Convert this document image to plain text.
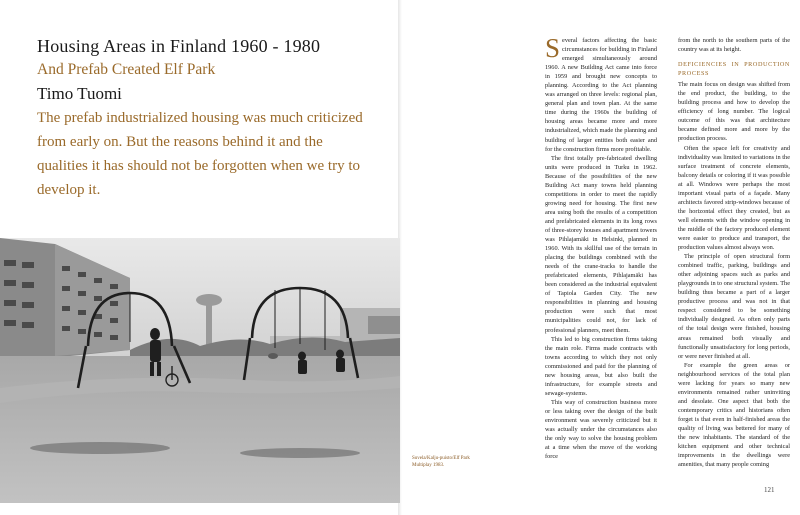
Housing Areas in Finland 1960 - 1980
And Prefab Created Elf Park
Timo Tuomi

The prefab industrialized housing was much criticized from early on. But the reasons behind it and the qualities it has should not be forgotten when we try to develop it.

Suvela/Kalju-puisto/Elf Park Multiplay 1983.

Several factors affecting the basic circumstances for building in Finland emerged simultaneously around 1960. A new Building Act came into force in 1959 and brought new concepts to planning. According to the Act planning was arranged on three levels: regional plan, general plan and town plan. At the same time during the 1960s the building of housing areas became more and more industrialized, which made the planning and building of larger entities both easier and for the construction firms more profitable.

The first totally pre-fabricated dwelling units were produced in Turku in 1962. Because of the possibilities of the new Building Act many towns held planning competitions in order to meet the rapidly growing need for housing. The first new area using both the results of a competition and prefabricated elements in its long rows of three-storey houses and apartment towers was Pihlajamäki in Helsinki, planned in 1960. With its skillful use of the terrain in placing the buildings combined with the needs of the crane-tracks to handle the prefabricated elements, Pihlajamäki has been considered as the industrial equivalent of Tapiola Garden City. The new responsibilities in planning and housing production were such that most municipalities could not, for lack of professional planners, meet them.

This led to big construction firms taking the main role. Firms made contracts with towns according to which they not only commissioned and paid for the planning of new housing areas, but also built the infrastructure, for example streets and sewage-systems.

This way of construction business more or less taking over the design of the built environment was severely criticized but it was actually under the circumstances also the only way to solve the housing problem at a time when the move of the working force

from the north to the southern parts of the country was at its height.

DEFICIENCIES IN PRODUCTION PROCESS

The main focus on design was shifted from the end product, the building, to the building process and how to develop the efficiency of long number. The logical outcome of this was that architecture became defined more and more by the production process.

Often the space left for creativity and individuality was limited to variations in the surface treatment of concrete elements, balcony details or coloring if it was possible at all. Windows were perhaps the most important visual parts of a façade. Many architects favored strip-windows because of the horizontal effect they created, but as well elements with the window opening in the middle of the factory produced element were easier to produce and transport, the production values almost always won.

The principle of open structural form combined traffic, parking, buildings and other adjoining spaces such as parks and playgrounds in to one structural system. The building thus became a part of a larger productive process and was not in that respect considered to be something individually designed. As often only parts of the total design were finished, housing areas remained both visually and functionally unsatisfactory for long periods, or were never finished at all.

For example the green areas or neighbourhood services of the total plan were lacking for years so many new environments remained rather uninviting and desolate. One aspect that both the contemporary critics and historians often forget is that even in half-finished areas the quality of living was bettered for many of the new inhabitants. The standard of the kitchen equipment and other technical improvements in the dwellings were amenities, that many people coming

121
